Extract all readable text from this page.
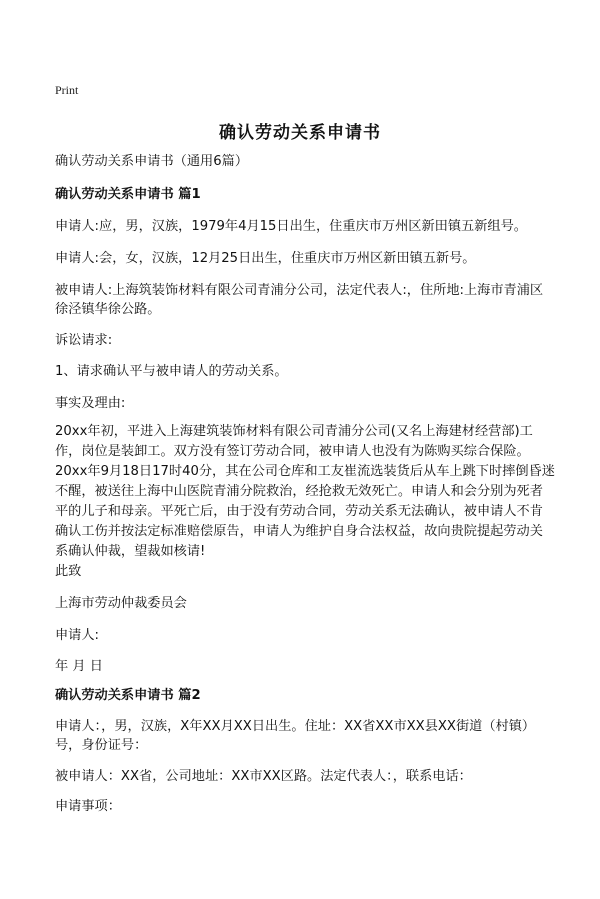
Print
确认劳动关系申请书
确认劳动关系申请书（通用6篇）
确认劳动关系申请书 篇1
申请人:应，男，汉族，1979年4月15日出生，住重庆市万州区新田镇五新组号。
申请人:会，女，汉族，12月25日出生，住重庆市万州区新田镇五新号。
被申请人:上海筑装饰材料有限公司青浦分公司，法定代表人:，住所地:上海市青浦区徐泾镇华徐公路。
诉讼请求:
1、请求确认平与被申请人的劳动关系。
事实及理由:
20xx年初，平进入上海建筑装饰材料有限公司青浦分公司(又名上海建材经营部)工作，岗位是装卸工。双方没有签订劳动合同，被申请人也没有为陈购买综合保险。20xx年9月18日17时40分，其在公司仓库和工友崔流选装货后从车上跳下时摔倒昏迷不醒，被送往上海中山医院青浦分院救治，经抢救无效死亡。申请人和会分别为死者平的儿子和母亲。平死亡后，由于没有劳动合同，劳动关系无法确认，被申请人不肯确认工伤并按法定标准赔偿原告，申请人为维护自身合法权益，故向贵院提起劳动关系确认仲裁，望裁如核请!
此致
上海市劳动仲裁委员会
申请人:
年 月 日
确认劳动关系申请书 篇2
申请人：，男，汉族，X年XX月XX日出生。住址：XX省XX市XX县XX街道（村镇）号，身份证号：
被申请人：XX省，公司地址：XX市XX区路。法定代表人：，联系电话：
申请事项：
